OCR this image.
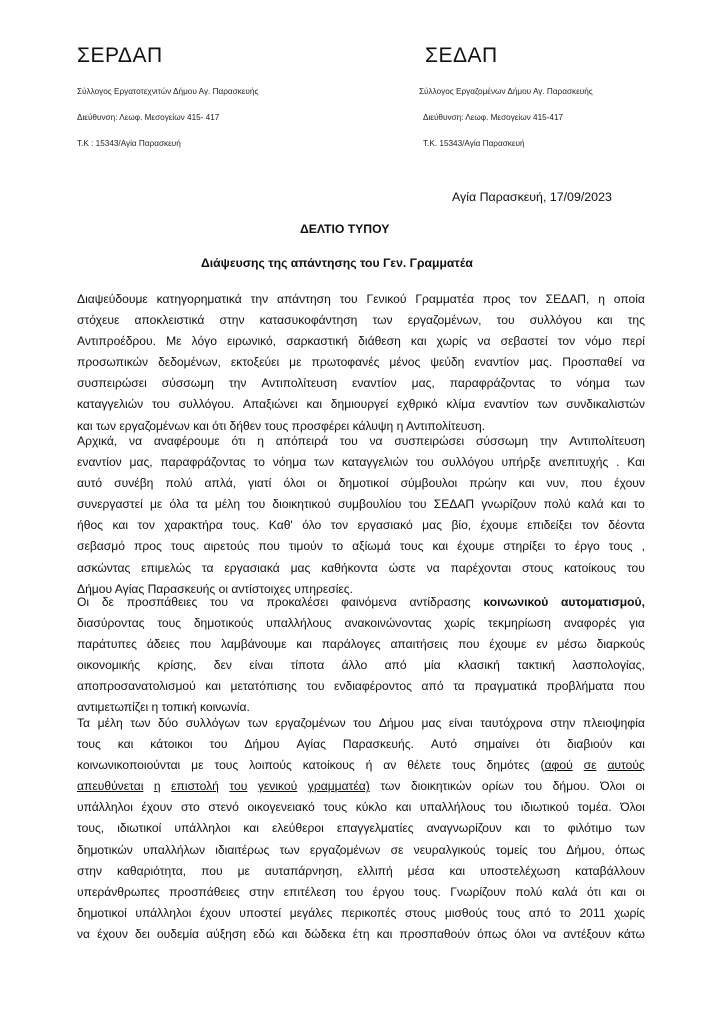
ΣΕΡΔΑΠ
Σύλλογος Εργατοτεχνιτών Δήμου Αγ. Παρασκευής
Διεύθυνση: Λεωφ. Μεσογείων 415- 417
Τ.Κ : 15343/Αγία Παρασκευή
ΣΕΔΑΠ
Σύλλογος Εργαζομένων Δήμου Αγ. Παρασκευής
Διεύθυνση: Λεωφ. Μεσογείων 415-417
Τ.Κ. 15343/Αγία Παρασκευή
Αγία Παρασκευή, 17/09/2023
ΔΕΛΤΙΟ ΤΥΠΟΥ
Διάψευσης της απάντησης του Γεν. Γραμματέα
Διαψεύδουμε κατηγορηματικά την απάντηση του Γενικού Γραμματέα προς τον ΣΕΔΑΠ, η οποία
στόχευε αποκλειστικά στην κατασυκοφάντηση των εργαζομένων, του συλλόγου και της
Αντιπροέδρου. Με λόγο ειρωνικό, σαρκαστική διάθεση και χωρίς να σεβαστεί τον νόμο περί
προσωπικών δεδομένων, εκτοξεύει με πρωτοφανές μένος ψεύδη εναντίον μας. Προσπαθεί να
συσπειρώσει σύσσωμη την Αντιπολίτευση εναντίον μας, παραφράζοντας το νόημα των
καταγγελιών του συλλόγου. Απαξιώνει και δημιουργεί εχθρικό κλίμα εναντίον των συνδικαλιστών
και των εργαζομένων και ότι δήθεν τους προσφέρει κάλυψη η Αντιπολίτευση.
Αρχικά, να αναφέρουμε ότι η απόπειρά του να συσπειρώσει σύσσωμη την Αντιπολίτευση
εναντίον μας, παραφράζοντας το νόημα των καταγγελιών του συλλόγου υπήρξε ανεπιτυχής . Και
αυτό συνέβη πολύ απλά, γιατί όλοι οι δημοτικοί σύμβουλοι πρώην και νυν, που έχουν
συνεργαστεί με όλα τα μέλη του διοικητικού συμβουλίου του ΣΕΔΑΠ γνωρίζουν πολύ καλά και το
ήθος και τον χαρακτήρα τους. Καθ' όλο τον εργασιακό μας βίο, έχουμε επιδείξει τον δέοντα
σεβασμό προς τους αιρετούς που τιμούν το αξίωμά τους και έχουμε στηρίξει το έργο τους ,
ασκώντας επιμελώς τα εργασιακά μας καθήκοντα ώστε να παρέχονται στους κατοίκους του
Δήμου Αγίας Παρασκευής οι αντίστοιχες υπηρεσίες.
Οι δε προσπάθειες του να προκαλέσει φαινόμενα αντίδρασης κοινωνικού αυτοματισμού,
διασύροντας τους δημοτικούς υπαλλήλους ανακοινώνοντας χωρίς τεκμηρίωση αναφορές για
παράτυπες άδειες που λαμβάνουμε και παράλογες απαιτήσεις που έχουμε εν μέσω διαρκούς
οικονομικής κρίσης, δεν είναι τίποτα άλλο από μία κλασική τακτική λασπολογίας,
αποπροσανατολισμού και μετατόπισης του ενδιαφέροντος από τα πραγματικά προβλήματα που
αντιμετωπίζει η τοπική κοινωνία.
Τα μέλη των δύο συλλόγων των εργαζομένων του Δήμου μας είναι ταυτόχρονα στην πλειοψηφία
τους και κάτοικοι του Δήμου Αγίας Παρασκευής. Αυτό σημαίνει ότι διαβιούν και
κοινωνικοποιούνται με τους λοιπούς κατοίκους ή αν θέλετε τους δημότες (αφού σε αυτούς
απευθύνεται η επιστολή του γενικού γραμματέα) των διοικητικών ορίων του δήμου. Όλοι οι
υπάλληλοι έχουν στο στενό οικογενειακό τους κύκλο και υπαλλήλους του ιδιωτικού τομέα. Όλοι
τους, ιδιωτικοί υπάλληλοι και ελεύθεροι επαγγελματίες αναγνωρίζουν και το φιλότιμο των
δημοτικών υπαλλήλων ιδιαιτέρως των εργαζομένων σε νευραλγικούς τομείς του Δήμου, όπως
στην καθαριότητα, που με αυταπάρνηση, ελλιπή μέσα και υποστελέχωση καταβάλλουν
υπεράνθρωπες προσπάθειες στην επιτέλεση του έργου τους. Γνωρίζουν πολύ καλά ότι και οι
δημοτικοί υπάλληλοι έχουν υποστεί μεγάλες περικοπές στους μισθούς τους από το 2011 χωρίς
να έχουν δει ουδεμία αύξηση εδώ και δώδεκα έτη και προσπαθούν όπως όλοι να αντέξουν κάτω
